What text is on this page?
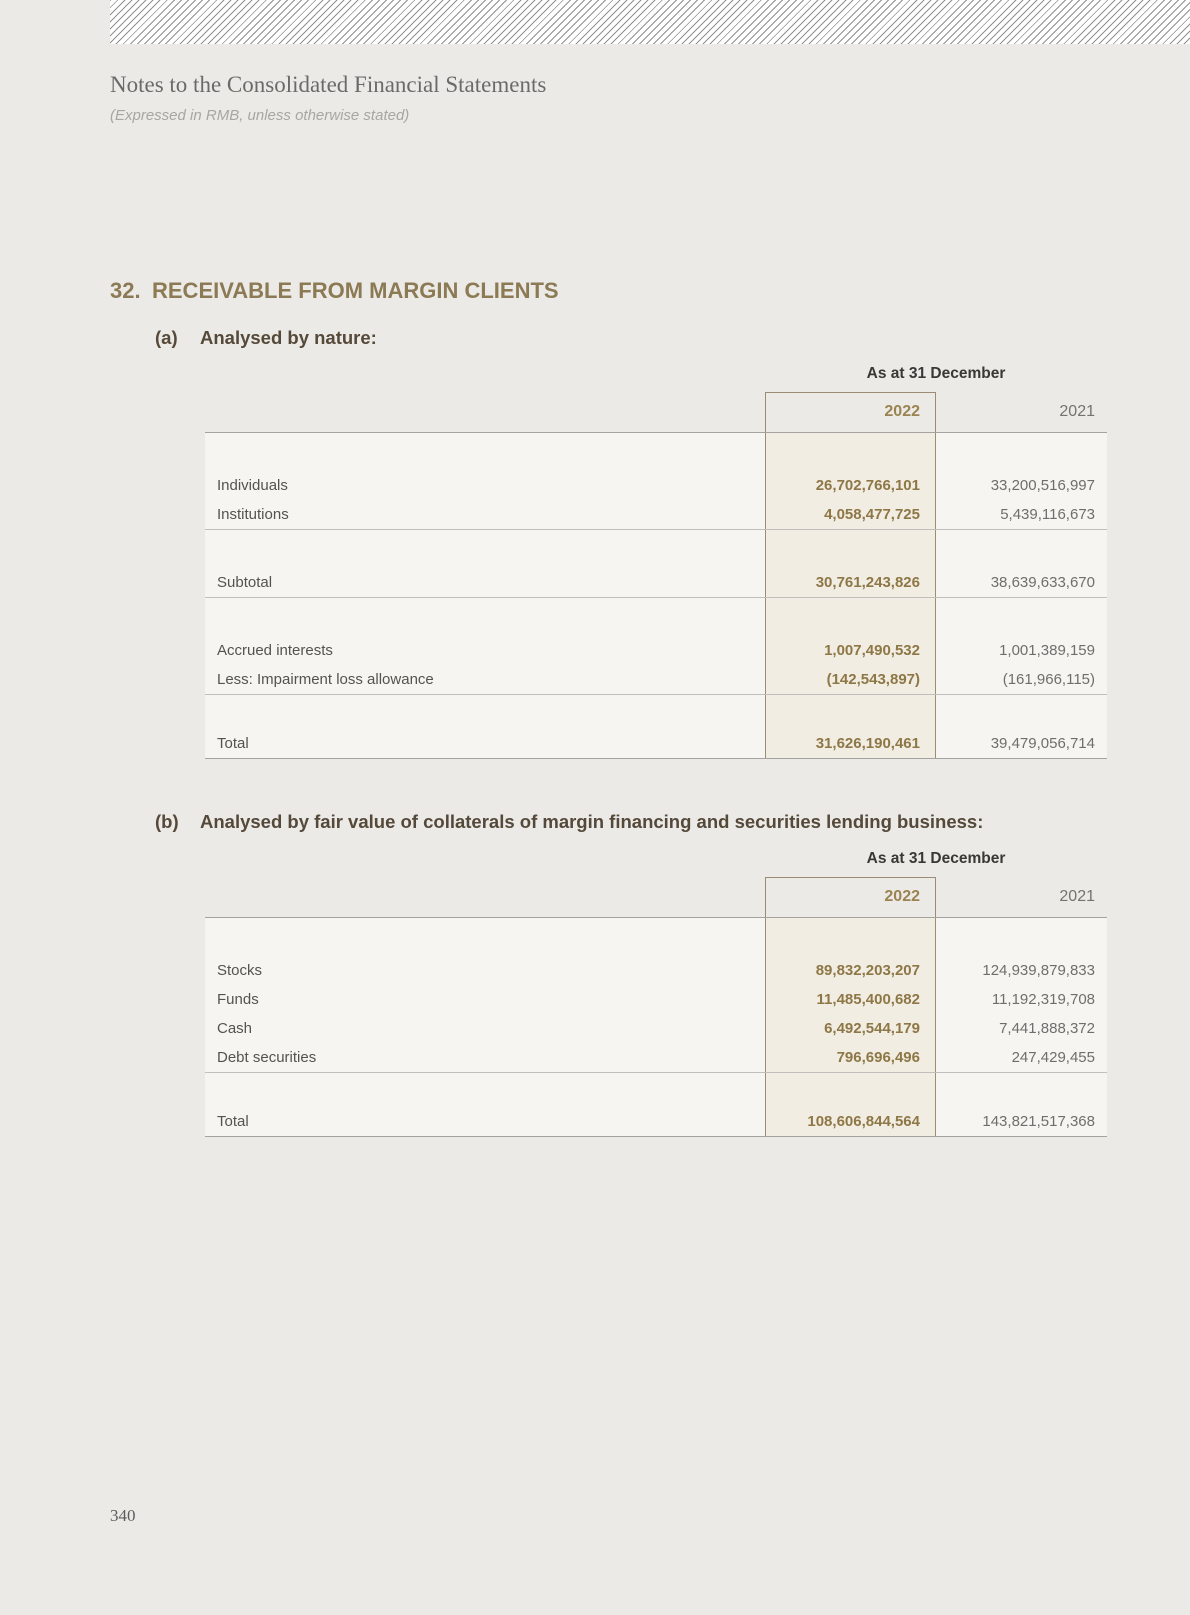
Notes to the Consolidated Financial Statements

(Expressed in RMB, unless otherwise stated)

32. RECEIVABLE FROM MARGIN CLIENTS
(a)	Analysed by nature:
As at 31 December
2022	2021
Individuals	26,702,766,101	33,200,516,997
Institutions	4,058,477,725	5,439,116,673
Subtotal	30,761,243,826	38,639,633,670
Accrued interests	1,007,490,532	1,001,389,159
Less: Impairment loss allowance	(142,543,897)	(161,966,115)
Total	31,626,190,461	39,479,056,714
(b)	Analysed by fair value of collaterals of margin financing and securities lending business:
As at 31 December
2022	2021
Stocks	89,832,203,207	124,939,879,833
Funds	11,485,400,682	11,192,319,708
Cash	6,492,544,179	7,441,888,372
Debt securities	796,696,496	247,429,455
Total	108,606,844,564	143,821,517,368
340
